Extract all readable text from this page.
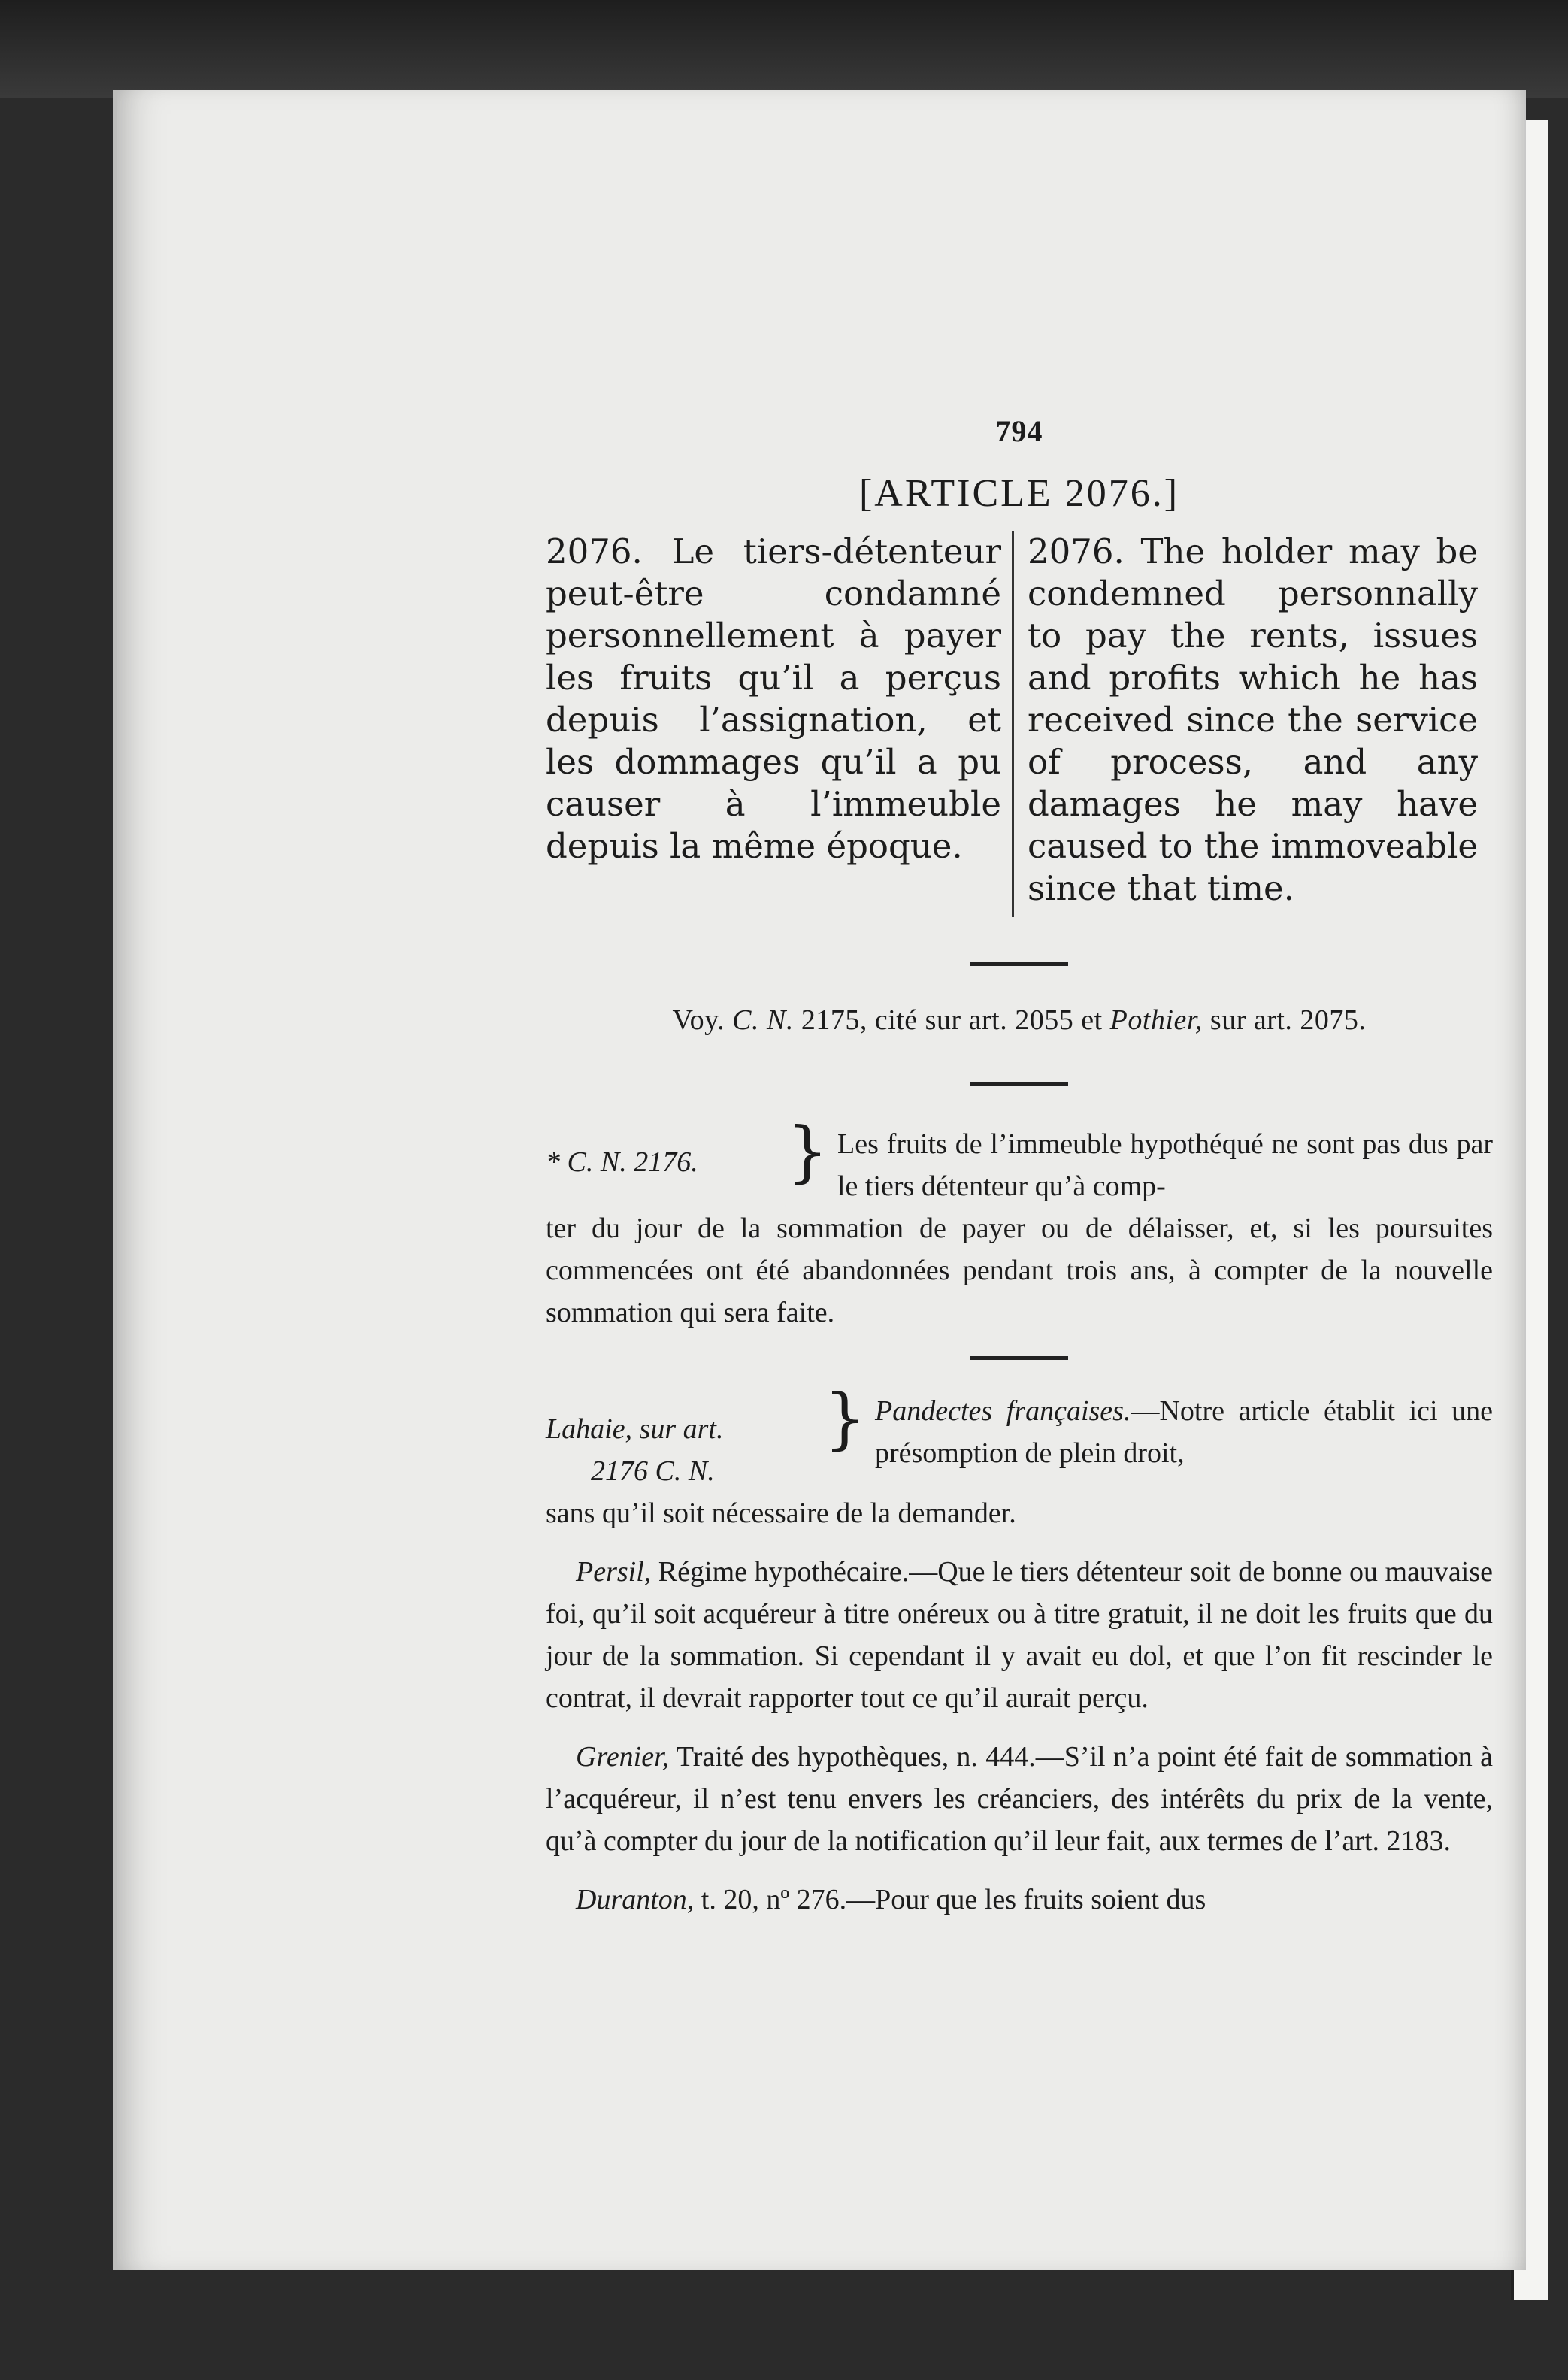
794
[ARTICLE 2076.]
2076. Le tiers-détenteur peut-être condamné personnellement à payer les fruits qu’il a perçus depuis l’assignation, et les dommages qu’il a pu causer à l’immeuble depuis la même époque.
2076. The holder may be condemned personnally to pay the rents, issues and profits which he has received since the service of process, and any damages he may have caused to the immoveable since that time.
Voy. C. N. 2175, cité sur art. 2055 et Pothier, sur art. 2075.
* C. N. 2176.	} Les fruits de l’immeuble hypothéqué ne sont pas dus par le tiers détenteur qu’à comp-
ter du jour de la sommation de payer ou de délaisser, et, si les poursuites commencées ont été abandonnées pendant trois ans, à compter de la nouvelle sommation qui sera faite.
Lahaie, sur art.
2176 C. N.
} Pandectes françaises.—Notre article établit ici une présomption de plein droit,
sans qu’il soit nécessaire de la demander.

Persil, Régime hypothécaire.—Que le tiers détenteur soit de bonne ou mauvaise foi, qu’il soit acquéreur à titre onéreux ou à titre gratuit, il ne doit les fruits que du jour de la sommation. Si cependant il y avait eu dol, et que l’on fit rescinder le contrat, il devrait rapporter tout ce qu’il aurait perçu.

Grenier, Traité des hypothèques, n. 444.—S’il n’a point été fait de sommation à l’acquéreur, il n’est tenu envers les créanciers, des intérêts du prix de la vente, qu’à compter du jour de la notification qu’il leur fait, aux termes de l’art. 2183.

Duranton, t. 20, nº 276.—Pour que les fruits soient dus
